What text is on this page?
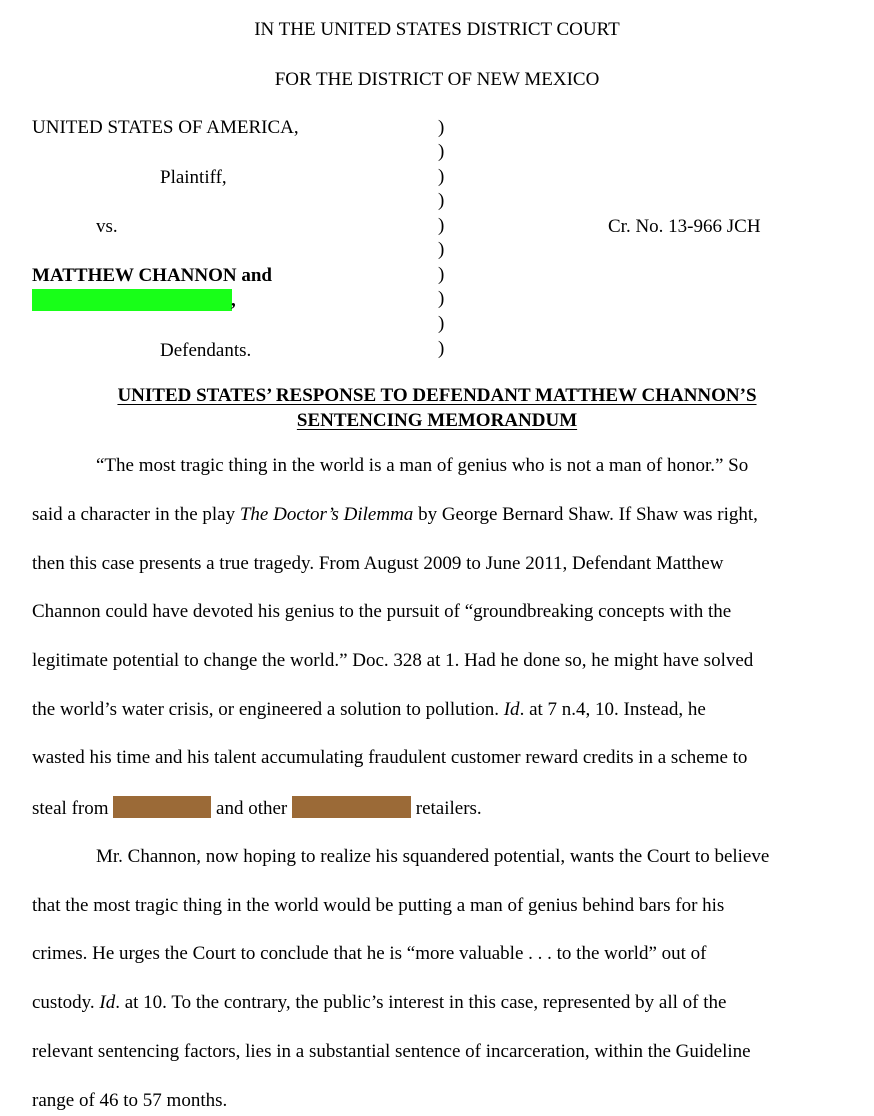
IN THE UNITED STATES DISTRICT COURT
FOR THE DISTRICT OF NEW MEXICO
UNITED STATES OF AMERICA,
Plaintiff,
vs.
MATTHEW CHANNON and
,
Defendants.
)
)
)
)
)
)
)
)
)
)
Cr. No. 13-966 JCH
UNITED STATES’ RESPONSE TO DEFENDANT MATTHEW CHANNON’S
SENTENCING MEMORANDUM
“The most tragic thing in the world is a man of genius who is not a man of honor.” So
said a character in the play The Doctor’s Dilemma by George Bernard Shaw. If Shaw was right,
then this case presents a true tragedy. From August 2009 to June 2011, Defendant Matthew
Channon could have devoted his genius to the pursuit of “groundbreaking concepts with the
legitimate potential to change the world.” Doc. 328 at 1. Had he done so, he might have solved
the world’s water crisis, or engineered a solution to pollution. Id. at 7 n.4, 10. Instead, he
wasted his time and his talent accumulating fraudulent customer reward credits in a scheme to
steal from	and other	retailers.
Mr. Channon, now hoping to realize his squandered potential, wants the Court to believe
that the most tragic thing in the world would be putting a man of genius behind bars for his
crimes. He urges the Court to conclude that he is “more valuable . . . to the world” out of
custody. Id. at 10. To the contrary, the public’s interest in this case, represented by all of the
relevant sentencing factors, lies in a substantial sentence of incarceration, within the Guideline
range of 46 to 57 months.
